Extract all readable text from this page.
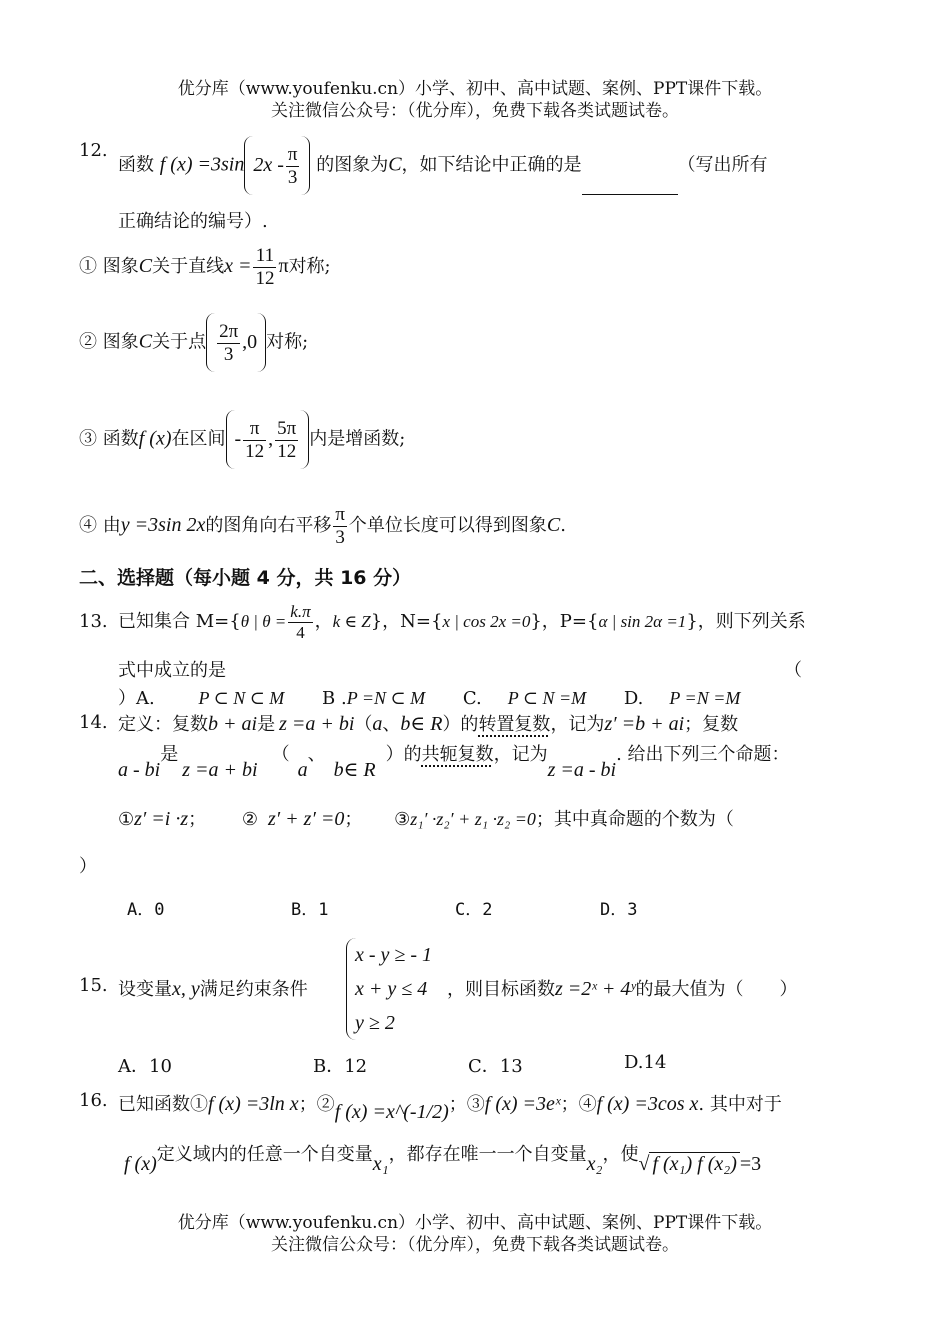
优分库（www.youfenku.cn）小学、初中、高中试题、案例、PPT课件下载。
关注微信公众号：（优分库），免费下载各类试题试卷。
12.
函数 f (x) =3sin $2x - \frac{\pi}{3}$ 的图象为C，如下结论中正确的是	（写出所有
正确结论的编号）.
① 图象C关于直线$x = \frac{11}{12}$ π对称;
② 图象C关于点 $\frac{2\pi}{3} ,0$ 对称;
③ 函数f (x)在区间 - $\frac{\pi}{12}$ , $\frac{5\pi}{12}$ 内是增函数;
④ 由y =3sin 2x的图角向右平移 $\frac{\pi}{3}$ 个单位长度可以得到图象C.
二、选择题（每小题 4 分，共 16 分）
13. 已知集合 M={θ | $\theta = \frac{k.\pi}{4}$ ，k ∈ Z}，N={x | cos 2x =0}，P={α | sin 2α =1}，则下列关系
式中成立的是	（
）A. P ⊂ N ⊂ M B .P =N ⊂ M C. P ⊂ N =M D. P =N =M
14. 定义：复数b + ai是 z =a + bi（a、b∈ R）的转置复数，记为z′ =b + ai；复数
a - bi是z =a + bi（a、b∈ R）的共轭复数，记为z =a - bi. 给出下列三个命题：
①z′ =i ·z； ② z′ + z′ =0； ③z₁′ ·z₂′ + z₁ ·z₂ =0；其中真命题的个数为（
）
A．0	B．1	C．2	D．3
15. 设变量x, y满足约束条件
x - y ≥ - 1
x + y ≤ 4
y ≥ 2
，则目标函数z =2ˣ + 4ʸ的最大值为（　　）
A．10	B．12	C．13	D.14
16. 已知函数①f (x) =3ln x；②f (x) =x^(-1/2)；③f (x) =3eˣ；④f (x) =3cos x. 其中对于
f (x)定义域内的任意一个自变量x₁，都存在唯一一个自变量x₂，使√ f (x₁) f (x₂) =3
优分库（www.youfenku.cn）小学、初中、高中试题、案例、PPT课件下载。
关注微信公众号：（优分库），免费下载各类试题试卷。
